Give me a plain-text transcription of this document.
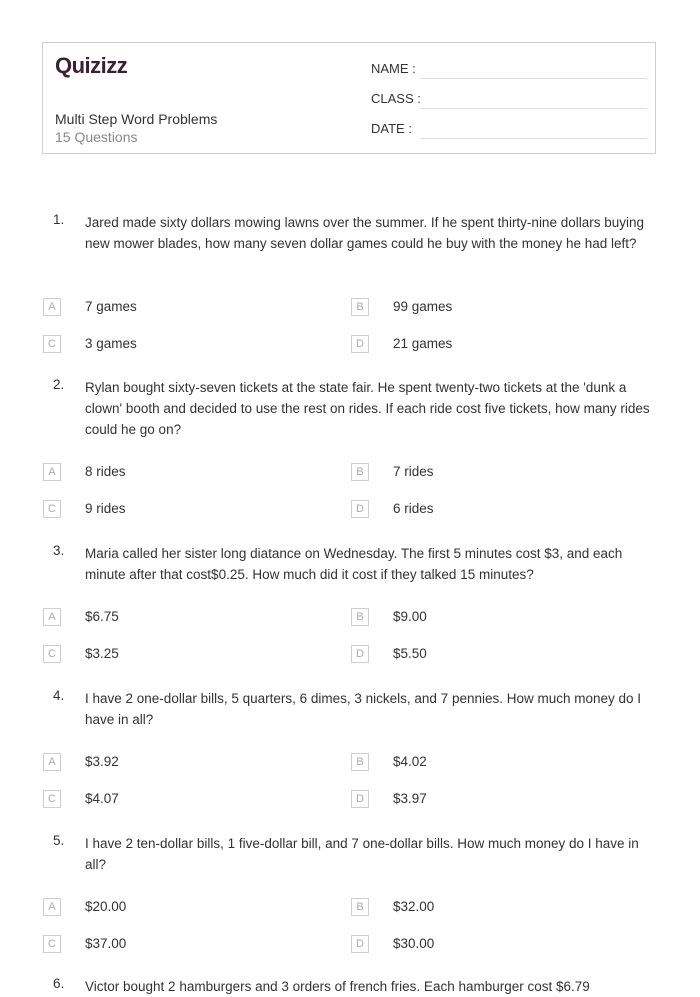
Quizizz
Multi Step Word Problems
15 Questions
NAME :
CLASS :
DATE :
1. Jared made sixty dollars mowing lawns over the summer. If he spent thirty-nine dollars buying new mower blades, how many seven dollar games could he buy with the money he had left?
A	7 games	B	99 games
C	3 games	D	21 games
2. Rylan bought sixty-seven tickets at the state fair. He spent twenty-two tickets at the 'dunk a clown' booth and decided to use the rest on rides. If each ride cost five tickets, how many rides could he go on?
A	8 rides	B	7 rides
C	9 rides	D	6 rides
3. Maria called her sister long diatance on Wednesday. The first 5 minutes cost $3, and each minute after that cost$0.25. How much did it cost if they talked 15 minutes?
A	$6.75	B	$9.00
C	$3.25	D	$5.50
4. I have 2 one-dollar bills, 5 quarters, 6 dimes, 3 nickels, and 7 pennies. How much money do I have in all?
A	$3.92	B	$4.02
C	$4.07	D	$3.97
5. I have 2 ten-dollar bills, 1 five-dollar bill, and 7 one-dollar bills. How much money do I have in all?
A	$20.00	B	$32.00
C	$37.00	D	$30.00
6. Victor bought 2 hamburgers and 3 orders of french fries. Each hamburger cost $6.79
